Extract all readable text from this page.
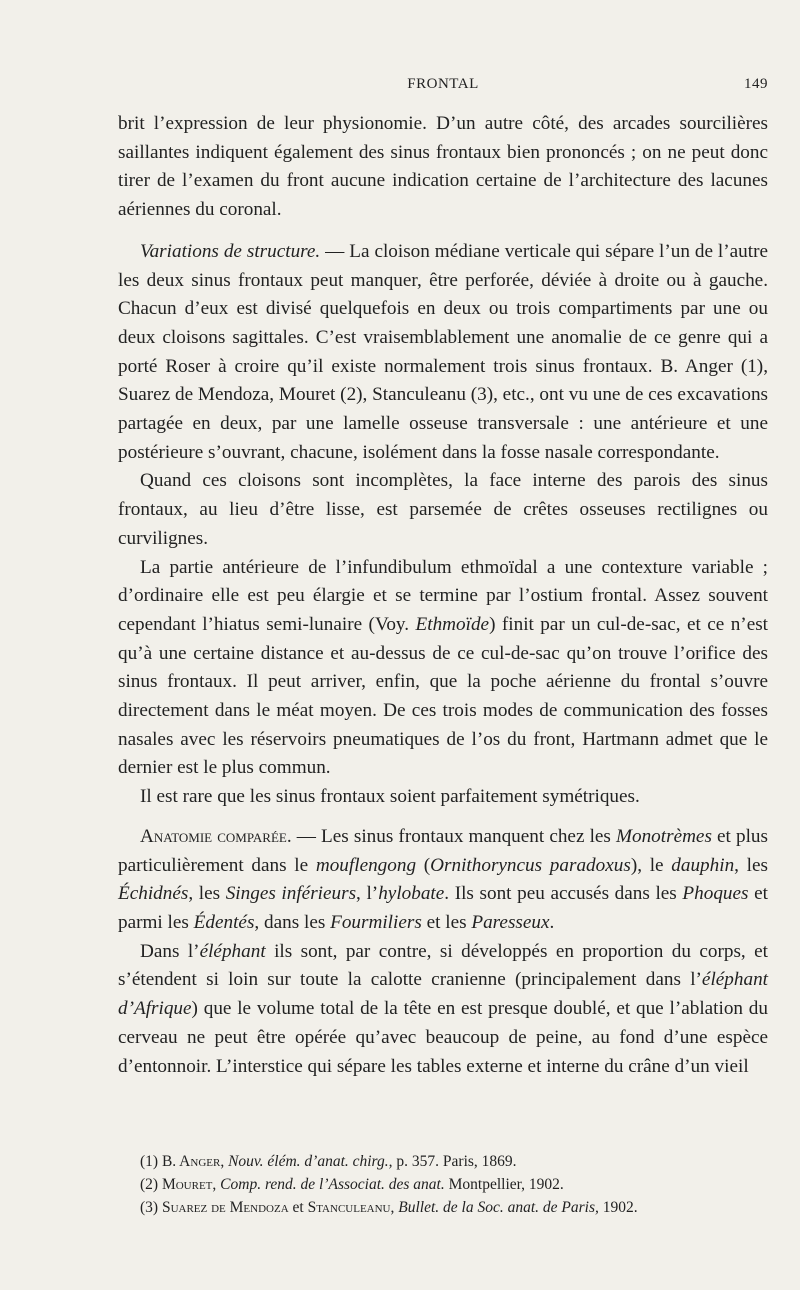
FRONTAL	149

brit l’expression de leur physionomie. D’un autre côté, des arcades sourcilières saillantes indiquent également des sinus frontaux bien prononcés ; on ne peut donc tirer de l’examen du front aucune indication certaine de l’architecture des lacunes aériennes du coronal.

Variations de structure. — La cloison médiane verticale qui sépare l’un de l’autre les deux sinus frontaux peut manquer, être perforée, déviée à droite ou à gauche. Chacun d’eux est divisé quelquefois en deux ou trois compartiments par une ou deux cloisons sagittales. C’est vraisemblablement une anomalie de ce genre qui a porté Roser à croire qu’il existe normalement trois sinus frontaux. B. Anger (1), Suarez de Mendoza, Mouret (2), Stanculeanu (3), etc., ont vu une de ces excavations partagée en deux, par une lamelle osseuse transversale : une antérieure et une postérieure s’ouvrant, chacune, isolément dans la fosse nasale correspondante.

Quand ces cloisons sont incomplètes, la face interne des parois des sinus frontaux, au lieu d’être lisse, est parsemée de crêtes osseuses rectilignes ou curvilignes.

La partie antérieure de l’infundibulum ethmoïdal a une contexture variable ; d’ordinaire elle est peu élargie et se termine par l’ostium frontal. Assez souvent cependant l’hiatus semi-lunaire (Voy. Ethmoïde) finit par un cul-de-sac, et ce n’est qu’à une certaine distance et au-dessus de ce cul-de-sac qu’on trouve l’orifice des sinus frontaux. Il peut arriver, enfin, que la poche aérienne du frontal s’ouvre directement dans le méat moyen. De ces trois modes de communication des fosses nasales avec les réservoirs pneumatiques de l’os du front, Hartmann admet que le dernier est le plus commun.

Il est rare que les sinus frontaux soient parfaitement symétriques.

Anatomie comparée. — Les sinus frontaux manquent chez les Monotrèmes et plus particulièrement dans le mouflengong (Ornithoryncus paradoxus), le dauphin, les Échidnés, les Singes inférieurs, l’hylobate. Ils sont peu accusés dans les Phoques et parmi les Édentés, dans les Fourmiliers et les Paresseux.

Dans l’éléphant ils sont, par contre, si développés en proportion du corps, et s’étendent si loin sur toute la calotte cranienne (principalement dans l’éléphant d’Afrique) que le volume total de la tête en est presque doublé, et que l’ablation du cerveau ne peut être opérée qu’avec beaucoup de peine, au fond d’une espèce d’entonnoir. L’interstice qui sépare les tables externe et interne du crâne d’un vieil

(1) B. Anger, Nouv. élém. d’anat. chirg., p. 357. Paris, 1869.
(2) Mouret, Comp. rend. de l’Associat. des anat. Montpellier, 1902.
(3) Suarez de Mendoza et Stanculeanu, Bullet. de la Soc. anat. de Paris, 1902.
